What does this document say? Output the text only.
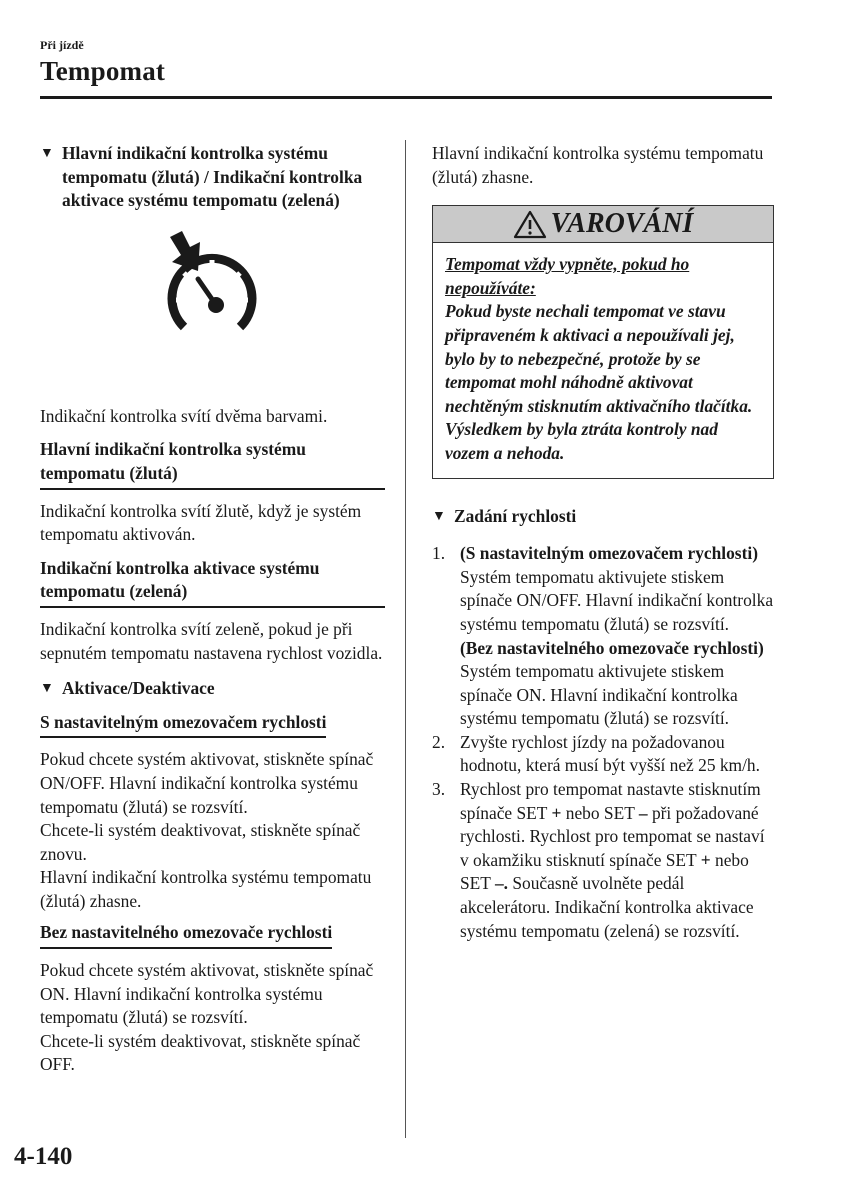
Při jízdě
Tempomat
▼ Hlavní indikační kontrolka systému tempomatu (žlutá) / Indikační kontrolka aktivace systému tempomatu (zelená)

Indikační kontrolka svítí dvěma barvami.

Hlavní indikační kontrolka systému tempomatu (žlutá)

Indikační kontrolka svítí žlutě, když je systém tempomatu aktivován.

Indikační kontrolka aktivace systému tempomatu (zelená)

Indikační kontrolka svítí zeleně, pokud je při sepnutém tempomatu nastavena rychlost vozidla.

▼ Aktivace/Deaktivace
S nastavitelným omezovačem rychlosti

Pokud chcete systém aktivovat, stiskněte spínač ON/OFF. Hlavní indikační kontrolka systému tempomatu (žlutá) se rozsvítí.

Chcete-li systém deaktivovat, stiskněte spínač znovu.

Hlavní indikační kontrolka systému tempomatu (žlutá) zhasne.

Bez nastavitelného omezovače rychlosti

Pokud chcete systém aktivovat, stiskněte spínač ON. Hlavní indikační kontrolka systému tempomatu (žlutá) se rozsvítí.

Chcete-li systém deaktivovat, stiskněte spínač OFF.

Hlavní indikační kontrolka systému tempomatu (žlutá) zhasne.

VAROVÁNÍ

Tempomat vždy vypněte, pokud ho nepoužíváte:

Pokud byste nechali tempomat ve stavu připraveném k aktivaci a nepoužívali jej, bylo by to nebezpečné, protože by se tempomat mohl náhodně aktivovat nechtěným stisknutím aktivačního tlačítka. Výsledkem by byla ztráta kontroly nad vozem a nehoda.

▼ Zadání rychlosti
1. (S nastavitelným omezovačem rychlosti)

Systém tempomatu aktivujete stiskem spínače ON/OFF. Hlavní indikační kontrolka systému tempomatu (žlutá) se rozsvítí.

(Bez nastavitelného omezovače rychlosti)

Systém tempomatu aktivujete stiskem spínače ON. Hlavní indikační kontrolka systému tempomatu (žlutá) se rozsvítí.

2. Zvyšte rychlost jízdy na požadovanou hodnotu, která musí být vyšší než 25 km/h.

3. Rychlost pro tempomat nastavte stisknutím spínače SET + nebo SET – při požadované rychlosti. Rychlost pro tempomat se nastaví v okamžiku stisknutí spínače SET + nebo SET –. Současně uvolněte pedál akcelerátoru. Indikační kontrolka aktivace systému tempomatu (zelená) se rozsvítí.

4-140
